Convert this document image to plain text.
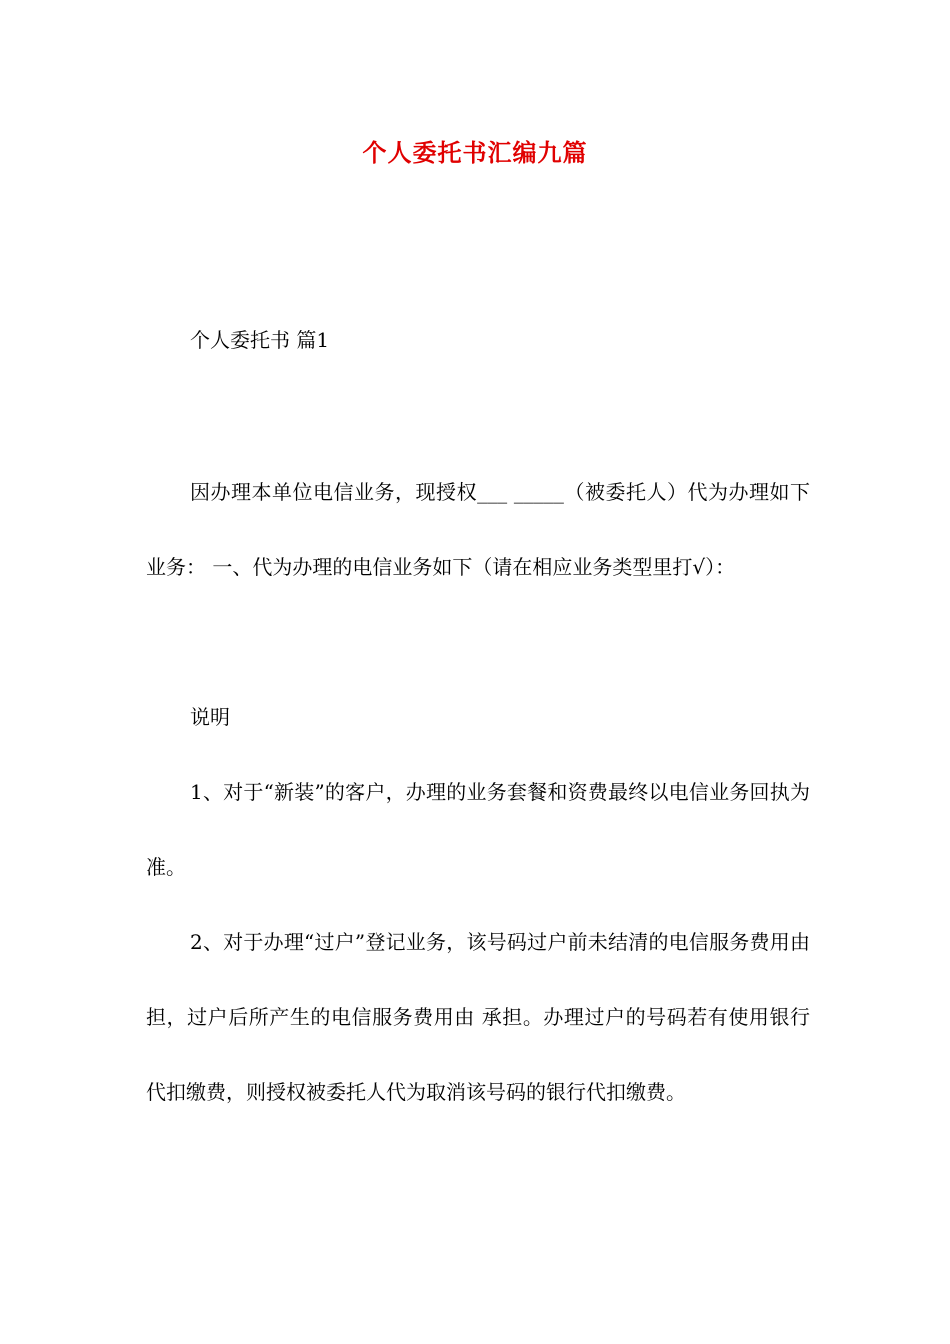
个人委托书汇编九篇
个人委托书 篇1

因办理本单位电信业务，现授权___ _____（被委托人）代为办理如下业务： 一、代为办理的电信业务如下（请在相应业务类型里打√）：

说明

1、对于“新装”的客户，办理的业务套餐和资费最终以电信业务回执为准。

2、对于办理“过户”登记业务，该号码过户前未结清的电信服务费用由担，过户后所产生的电信服务费用由 承担。办理过户的号码若有使用银行代扣缴费，则授权被委托人代为取消该号码的银行代扣缴费。
